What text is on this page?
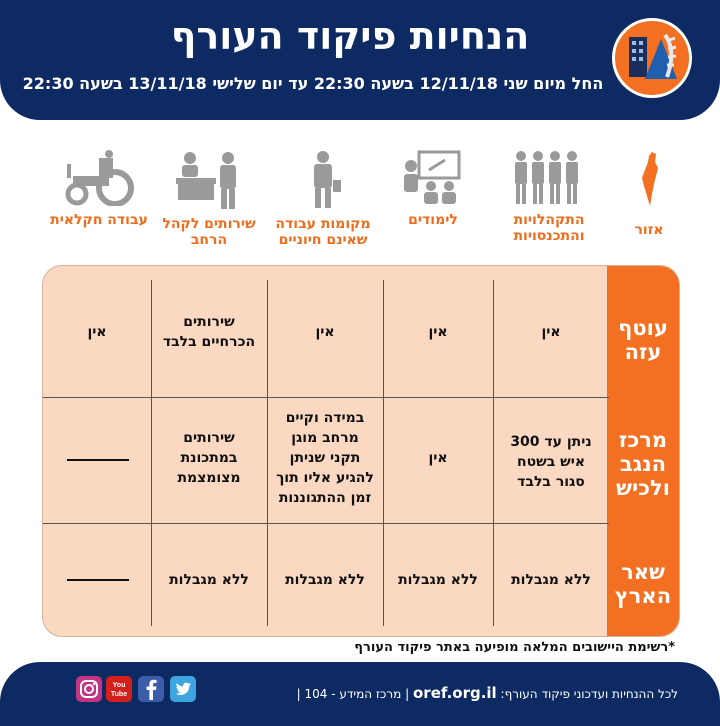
הנחיות פיקוד העורף
החל מיום שני 12/11/18 בשעה 22:30 עד יום שלישי 13/11/18 בשעה 22:30
אזור
התקהלויות והתכנסויות
לימודים
מקומות עבודה שאינם חיוניים
שירותים לקהל הרחב
עבודה חקלאית
עוטף עזה
מרכז הנגב ולכיש
שאר הארץ
אין
אין
אין
שירותים הכרחיים בלבד
אין
ניתן עד 300 איש בשטח סגור בלבד
אין
במידה וקיים מרחב מוגן תקני שניתן להגיע אליו תוך זמן ההתגוננות
שירותים במתכונת מצומצמת
ללא מגבלות
ללא מגבלות
ללא מגבלות
ללא מגבלות
*רשימת היישובים המלאה מופיעה באתר פיקוד העורף
לכל ההנחיות ועדכוני פיקוד העורף: oref.org.il | מרכז המידע - 104 |
You
Tube
